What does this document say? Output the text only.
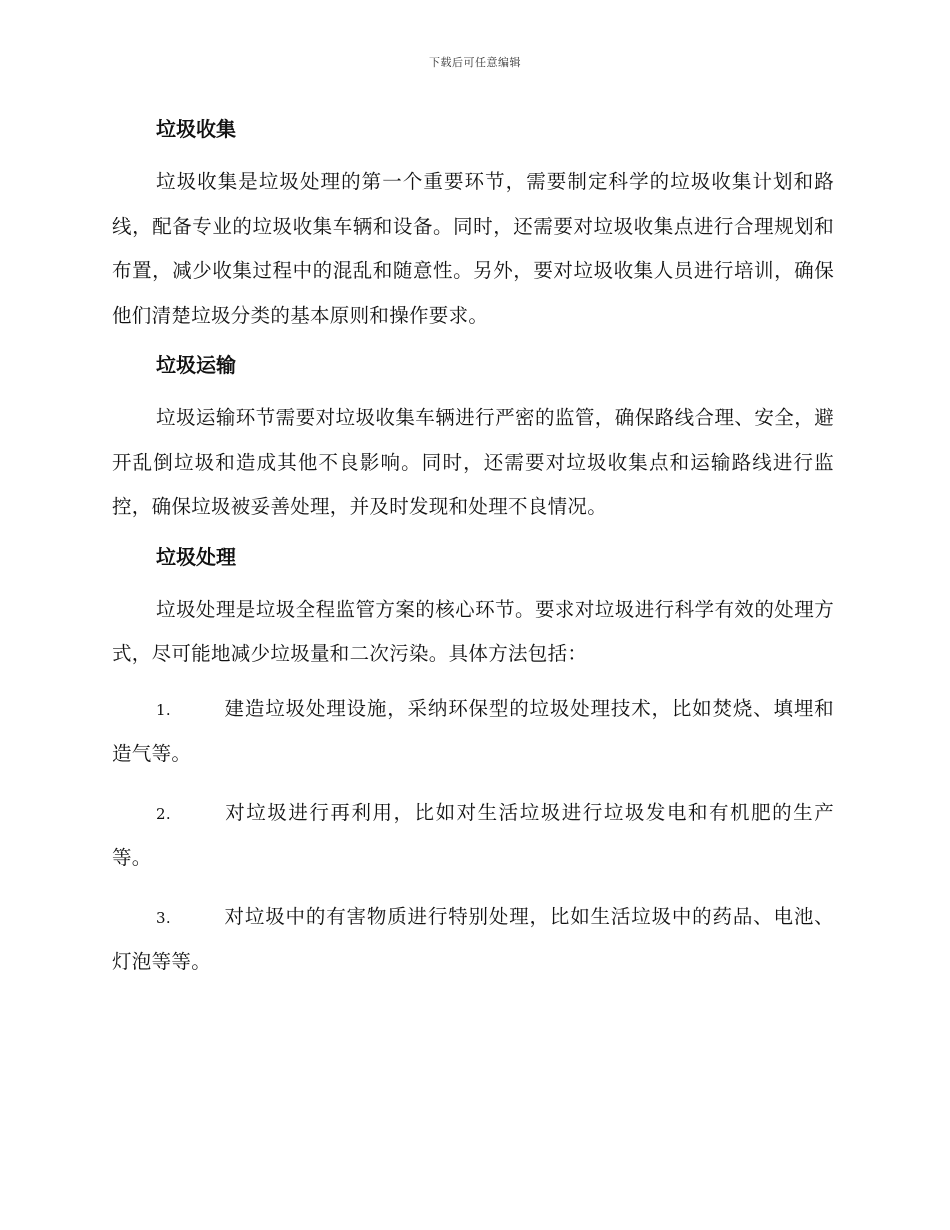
下载后可任意编辑
垃圾收集

垃圾收集是垃圾处理的第一个重要环节，需要制定科学的垃圾收集计划和路线，配备专业的垃圾收集车辆和设备。同时，还需要对垃圾收集点进行合理规划和布置，减少收集过程中的混乱和随意性。另外，要对垃圾收集人员进行培训，确保他们清楚垃圾分类的基本原则和操作要求。

垃圾运输

垃圾运输环节需要对垃圾收集车辆进行严密的监管，确保路线合理、安全，避开乱倒垃圾和造成其他不良影响。同时，还需要对垃圾收集点和运输路线进行监控，确保垃圾被妥善处理，并及时发现和处理不良情况。

垃圾处理

垃圾处理是垃圾全程监管方案的核心环节。要求对垃圾进行科学有效的处理方式，尽可能地减少垃圾量和二次污染。具体方法包括：

1.	建造垃圾处理设施，采纳环保型的垃圾处理技术，比如焚烧、填埋和造气等。

2.	对垃圾进行再利用，比如对生活垃圾进行垃圾发电和有机肥的生产等。

3.	对垃圾中的有害物质进行特别处理，比如生活垃圾中的药品、电池、灯泡等等。
